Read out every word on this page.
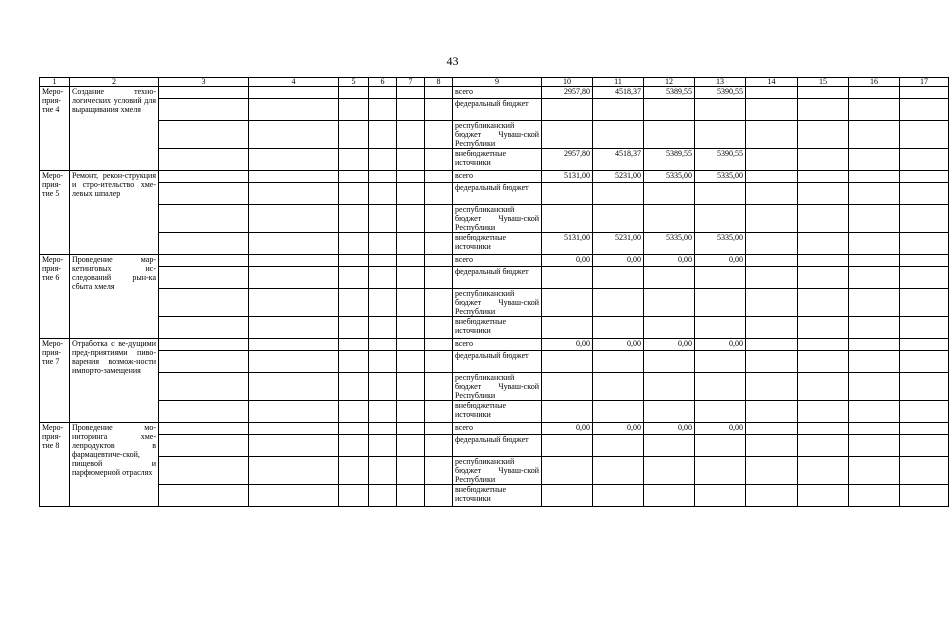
43
1	2	3	4	5	6	7	8	9	10	11	12	13	14	15	16	17
Меро-прия-тие 4	Создание техно-логических условий для выращивания хмеля							всего	2957,80	4518,37	5389,55	5390,55				
								федеральный бюджет								
								республиканский бюджет Чуваш-ской Республики								
								внебюджетные источники	2957,80	4518,37	5389,55	5390,55				
Меро-прия-тие 5	Ремонт, рекон-струкция и стро-ительство хме-левых шпалер							всего	5131,00	5231,00	5335,00	5335,00				
								федеральный бюджет								
								республиканский бюджет Чуваш-ской Республики								
								внебюджетные источники	5131,00	5231,00	5335,00	5335,00				
Меро-прия-тие 6	Проведение мар-кетинговых ис-следований рын-ка сбыта хмеля							всего	0,00	0,00	0,00	0,00				
								федеральный бюджет								
								республиканский бюджет Чуваш-ской Республики								
								внебюджетные источники								
Меро-прия-тие 7	Отработка с ве-дущими пред-приятиями пиво-варения возмож-ности импорто-замещения							всего	0,00	0,00	0,00	0,00				
								федеральный бюджет								
								республиканский бюджет Чуваш-ской Республики								
								внебюджетные источники								
Меро-прия-тие 8	Проведение мо-ниторинга хме-лепродуктов в фармацевтиче-ской, пищевой и парфюмерной отраслях							всего	0,00	0,00	0,00	0,00				
								федеральный бюджет								
								республиканский бюджет Чуваш-ской Республики								
								внебюджетные источники								
